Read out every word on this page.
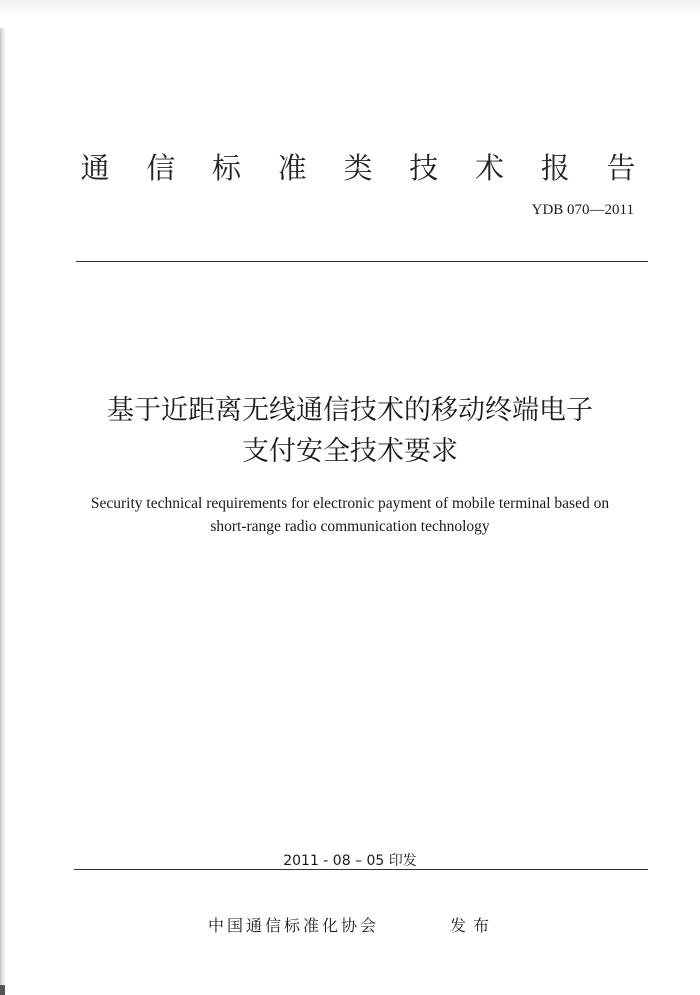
通 信 标 准 类 技 术 报 告
YDB 070—2011
基于近距离无线通信技术的移动终端电子
支付安全技术要求
Security technical requirements for electronic payment of mobile terminal based on
short-range radio communication technology
2011 - 08 – 05 印发
中国通信标准化协会	发布
